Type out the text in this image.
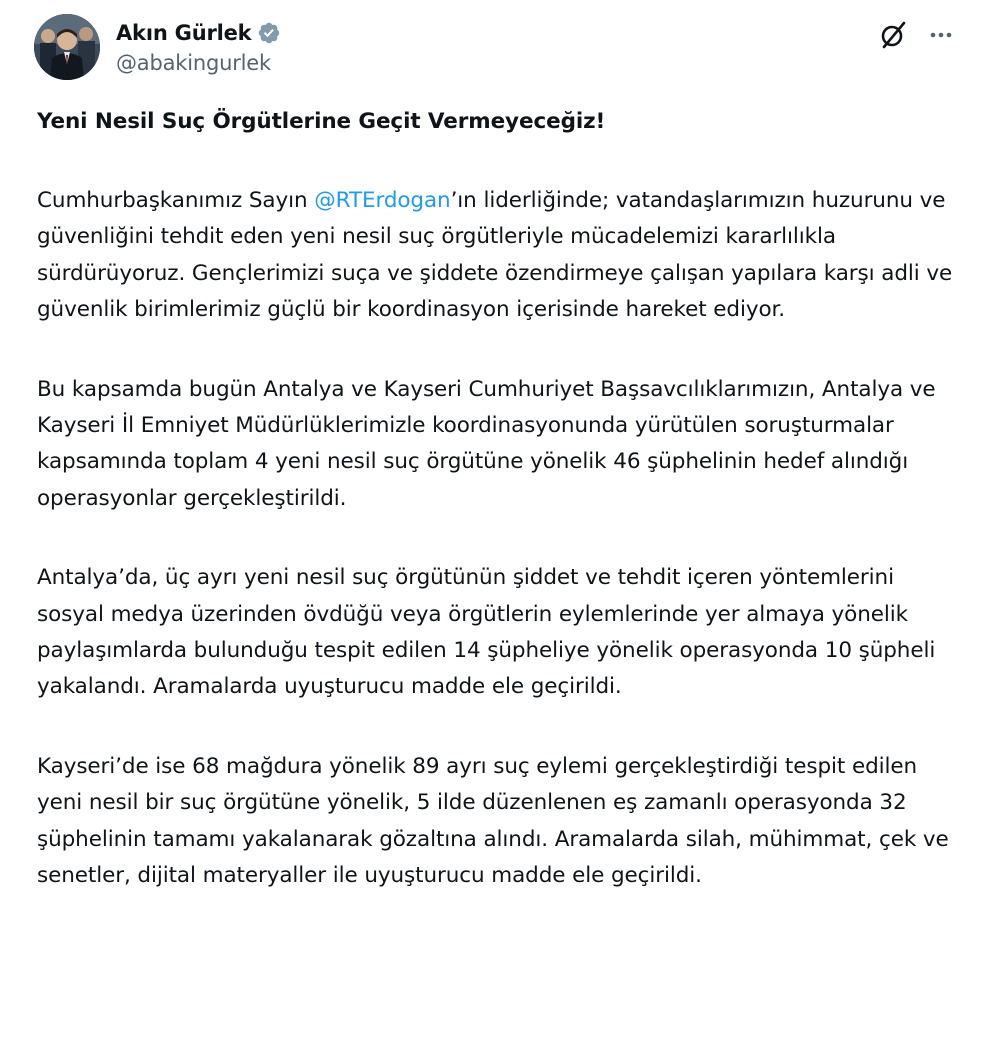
Akın Gürlek
@abakingurlek

Yeni Nesil Suç Örgütlerine Geçit Vermeyeceğiz!

Cumhurbaşkanımız Sayın @RTErdogan’ın liderliğinde; vatandaşlarımızın huzurunu ve güvenliğini tehdit eden yeni nesil suç örgütleriyle mücadelemizi kararlılıkla sürdürüyoruz. Gençlerimizi suça ve şiddete özendirmeye çalışan yapılara karşı adli ve güvenlik birimlerimiz güçlü bir koordinasyon içerisinde hareket ediyor.

Bu kapsamda bugün Antalya ve Kayseri Cumhuriyet Başsavcılıklarımızın, Antalya ve Kayseri İl Emniyet Müdürlüklerimizle koordinasyonunda yürütülen soruşturmalar kapsamında toplam 4 yeni nesil suç örgütüne yönelik 46 şüphelinin hedef alındığı operasyonlar gerçekleştirildi.

Antalya’da, üç ayrı yeni nesil suç örgütünün şiddet ve tehdit içeren yöntemlerini sosyal medya üzerinden övdüğü veya örgütlerin eylemlerinde yer almaya yönelik paylaşımlarda bulunduğu tespit edilen 14 şüpheliye yönelik operasyonda 10 şüpheli yakalandı. Aramalarda uyuşturucu madde ele geçirildi.

Kayseri’de ise 68 mağdura yönelik 89 ayrı suç eylemi gerçekleştirdiği tespit edilen yeni nesil bir suç örgütüne yönelik, 5 ilde düzenlenen eş zamanlı operasyonda 32 şüphelinin tamamı yakalanarak gözaltına alındı. Aramalarda silah, mühimmat, çek ve senetler, dijital materyaller ile uyuşturucu madde ele geçirildi.
